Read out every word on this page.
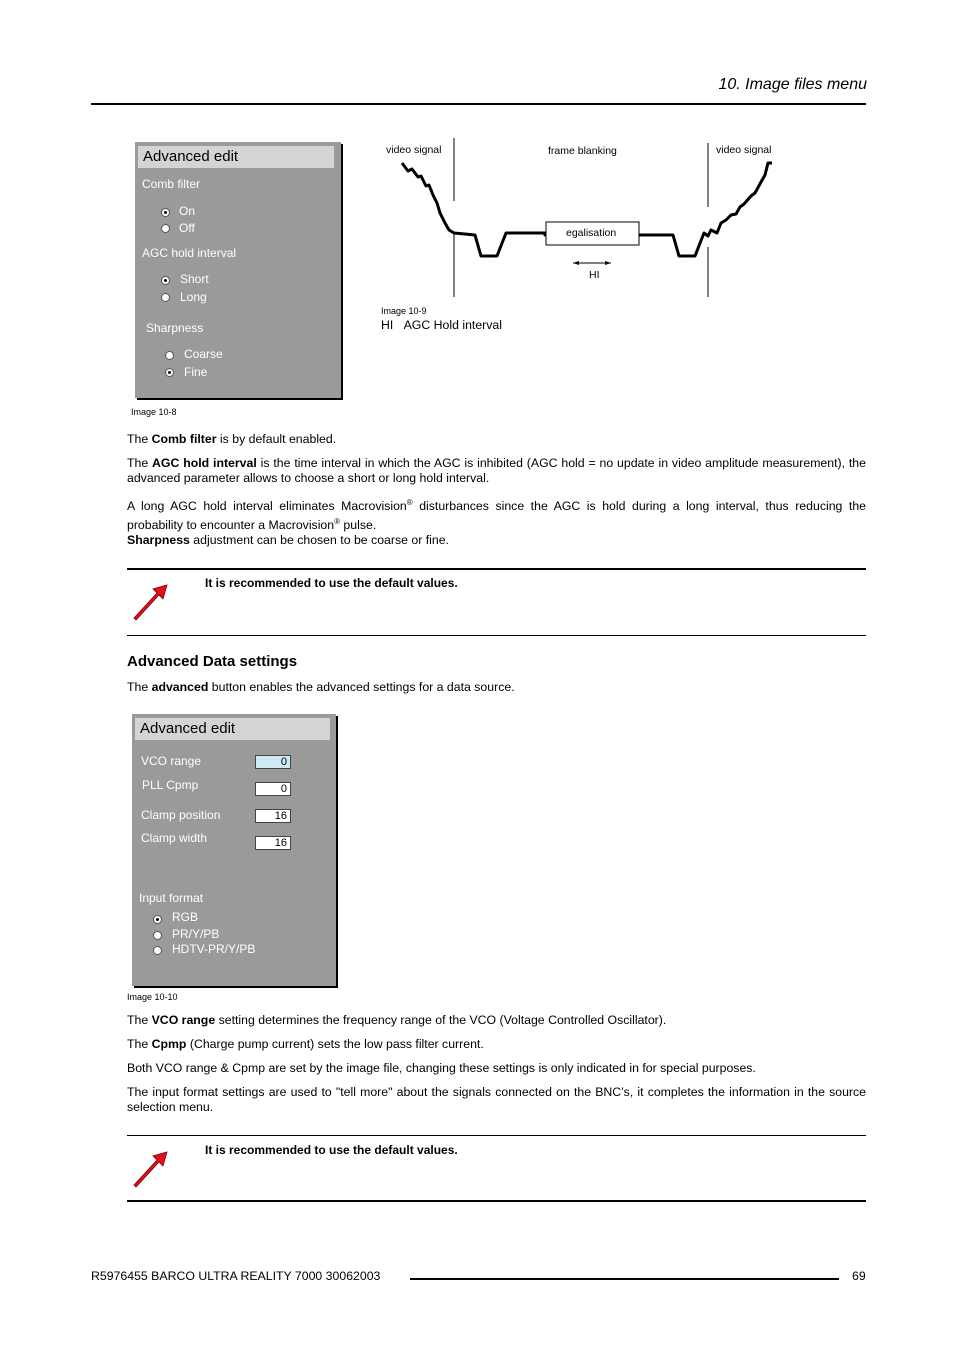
10. Image files menu
Advanced edit
Comb filter
On
Off
AGC hold interval
Short
Long
Sharpness
Coarse
Fine
Image 10-8
video signal	frame blanking	video signal
egalisation
HI
Image 10-9
HI AGC Hold interval
The Comb filter is by default enabled.
The AGC hold interval is the time interval in which the AGC is inhibited (AGC hold = no update in video amplitude measurement), the advanced parameter allows to choose a short or long hold interval.
A long AGC hold interval eliminates Macrovision® disturbances since the AGC is hold during a long interval, thus reducing the probability to encounter a Macrovision® pulse.
Sharpness adjustment can be chosen to be coarse or fine.
It is recommended to use the default values.
Advanced Data settings
The advanced button enables the advanced settings for a data source.
Advanced edit
VCO range	0
PLL Cpmp	0
Clamp position	16
Clamp width	16
Input format
RGB
PR/Y/PB
HDTV-PR/Y/PB
Image 10-10
The VCO range setting determines the frequency range of the VCO (Voltage Controlled Oscillator).
The Cpmp (Charge pump current) sets the low pass filter current.
Both VCO range & Cpmp are set by the image file, changing these settings is only indicated in for special purposes.
The input format settings are used to "tell more" about the signals connected on the BNC’s, it completes the information in the source selection menu.
It is recommended to use the default values.
R5976455 BARCO ULTRA REALITY 7000 30062003	69
